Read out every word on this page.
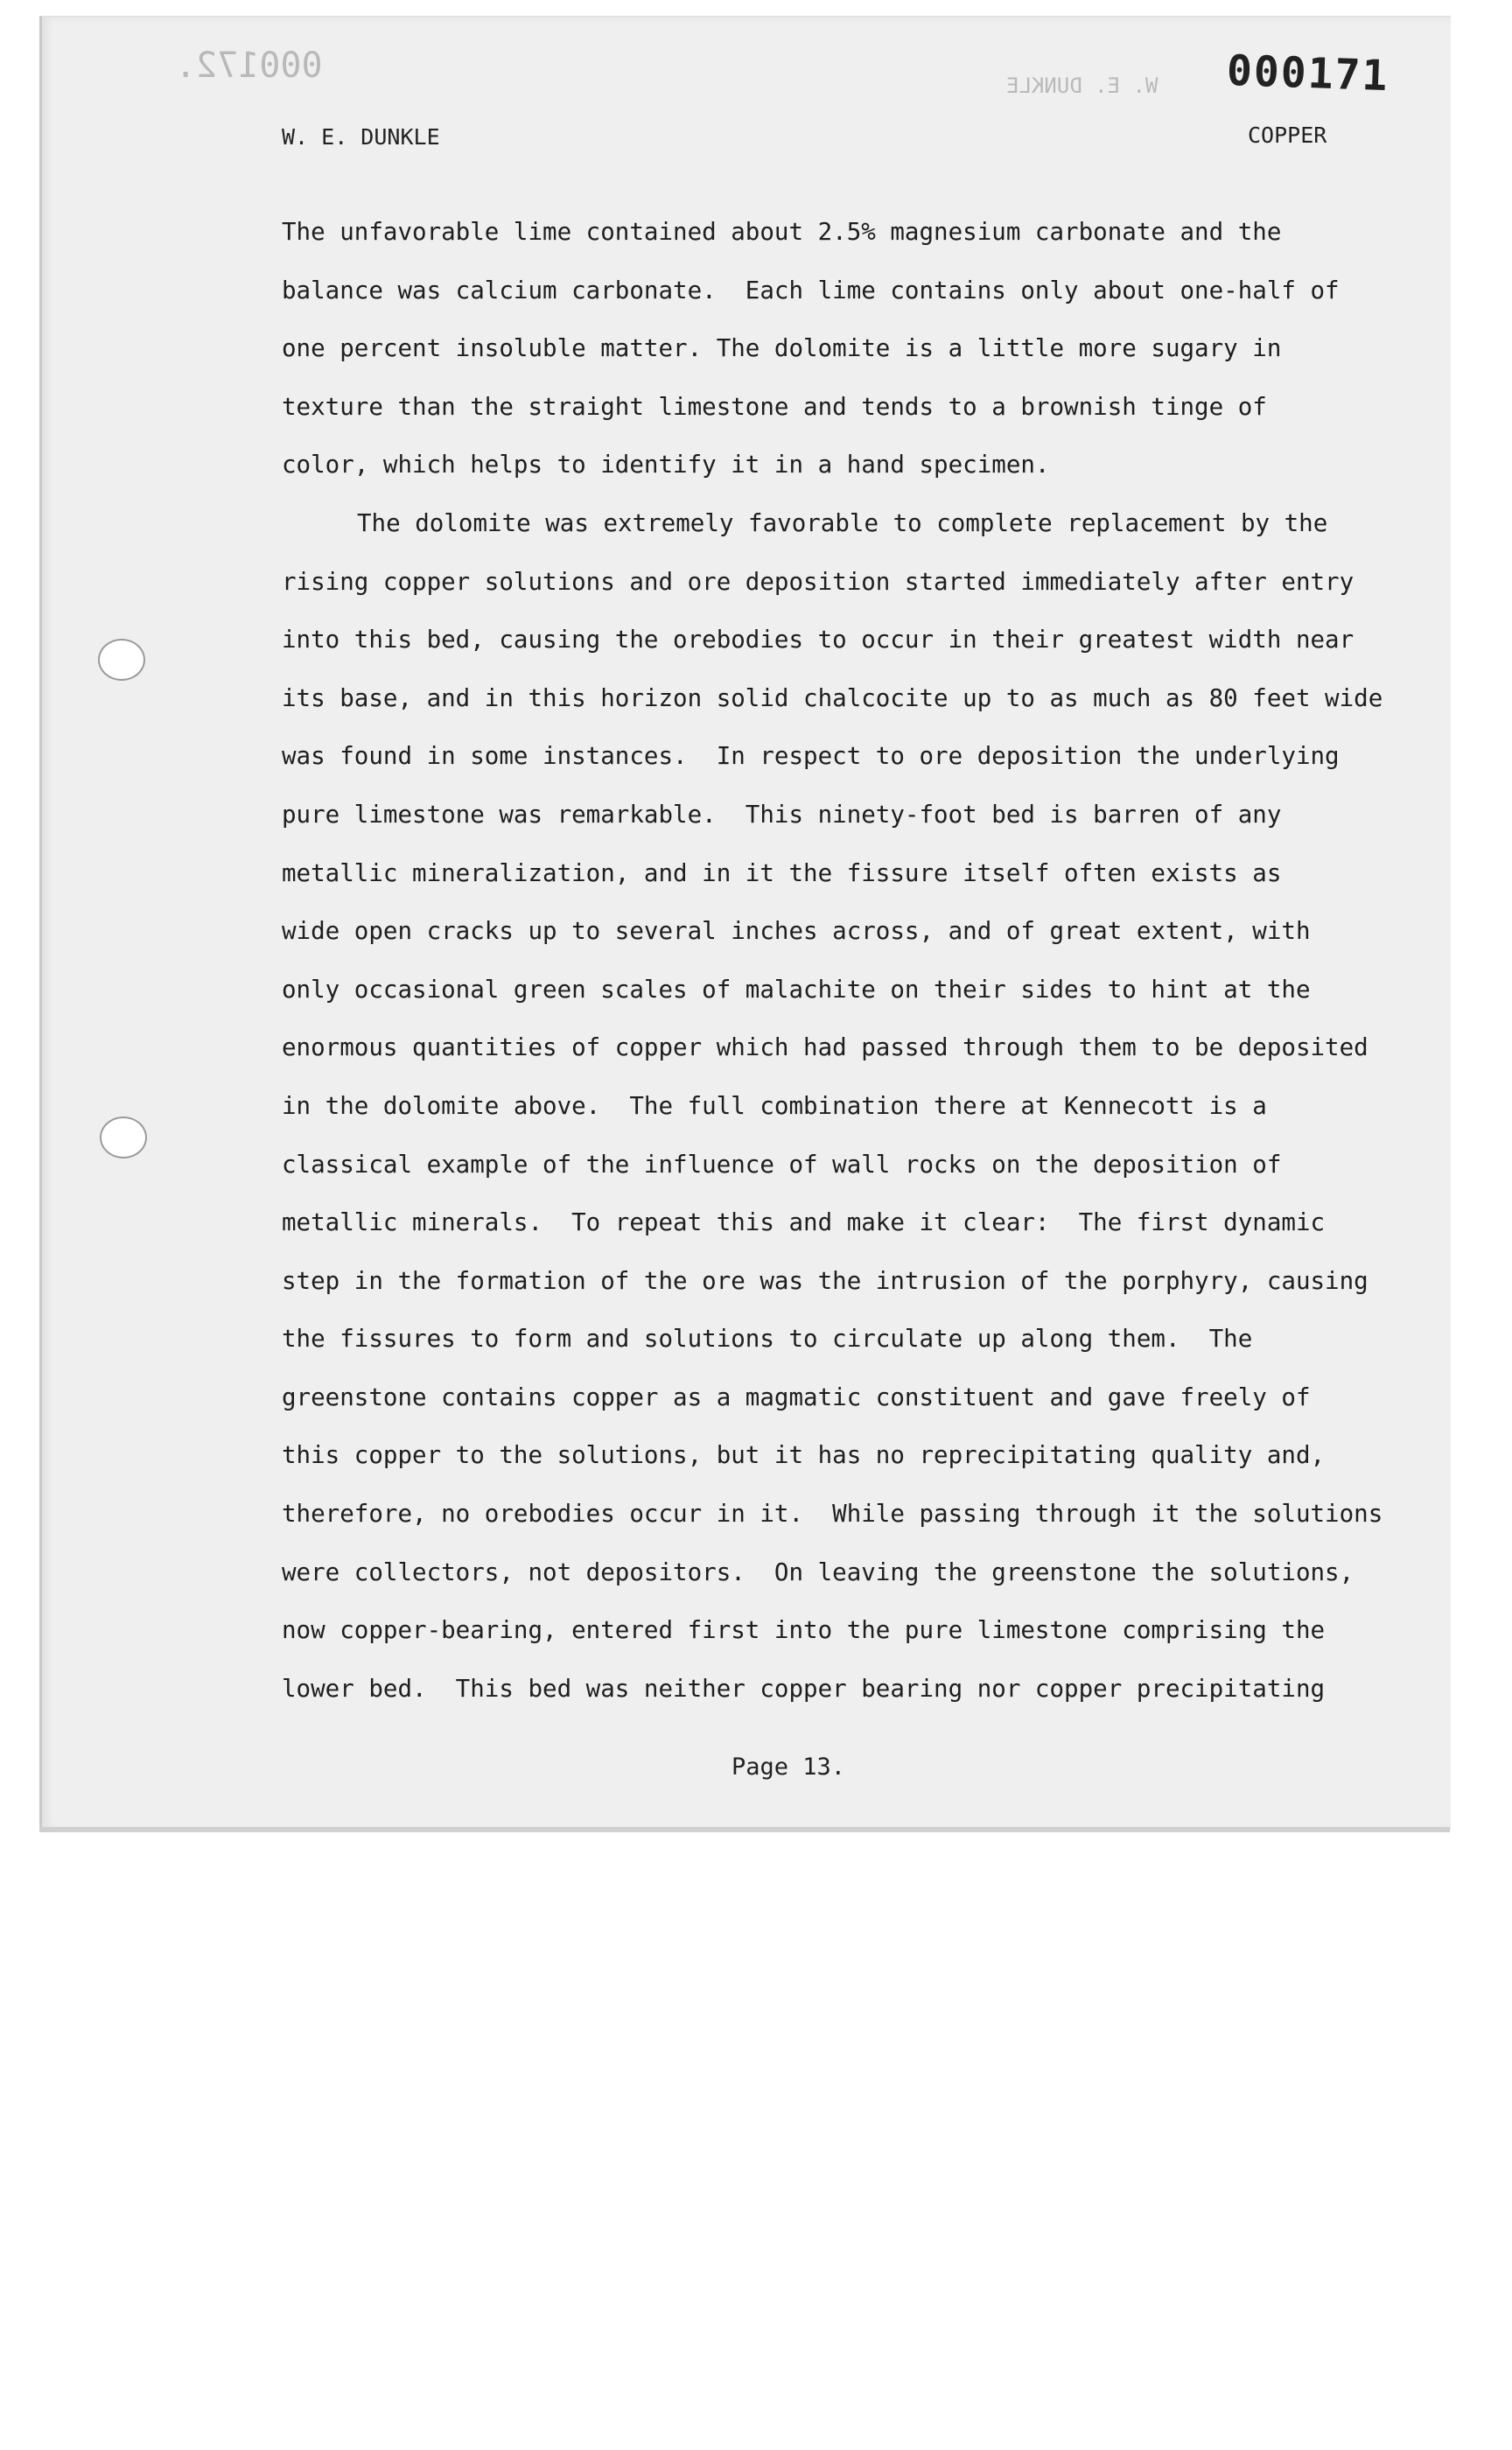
000172.	W. E. DUNKLE 000171
W. E. DUNKLE	COPPER
The unfavorable lime contained about 2.5% magnesium carbonate and the
balance was calcium carbonate.  Each lime contains only about one-half of
one percent insoluble matter. The dolomite is a little more sugary in
texture than the straight limestone and tends to a brownish tinge of
color, which helps to identify it in a hand specimen.
The dolomite was extremely favorable to complete replacement by the
rising copper solutions and ore deposition started immediately after entry
into this bed, causing the orebodies to occur in their greatest width near
its base, and in this horizon solid chalcocite up to as much as 80 feet wide
was found in some instances.  In respect to ore deposition the underlying
pure limestone was remarkable.  This ninety-foot bed is barren of any
metallic mineralization, and in it the fissure itself often exists as
wide open cracks up to several inches across, and of great extent, with
only occasional green scales of malachite on their sides to hint at the
enormous quantities of copper which had passed through them to be deposited
in the dolomite above.  The full combination there at Kennecott is a
classical example of the influence of wall rocks on the deposition of
metallic minerals.  To repeat this and make it clear:  The first dynamic
step in the formation of the ore was the intrusion of the porphyry, causing
the fissures to form and solutions to circulate up along them.  The
greenstone contains copper as a magmatic constituent and gave freely of
this copper to the solutions, but it has no reprecipitating quality and,
therefore, no orebodies occur in it.  While passing through it the solutions
were collectors, not depositors.  On leaving the greenstone the solutions,
now copper-bearing, entered first into the pure limestone comprising the
lower bed.  This bed was neither copper bearing nor copper precipitating
Page 13.
